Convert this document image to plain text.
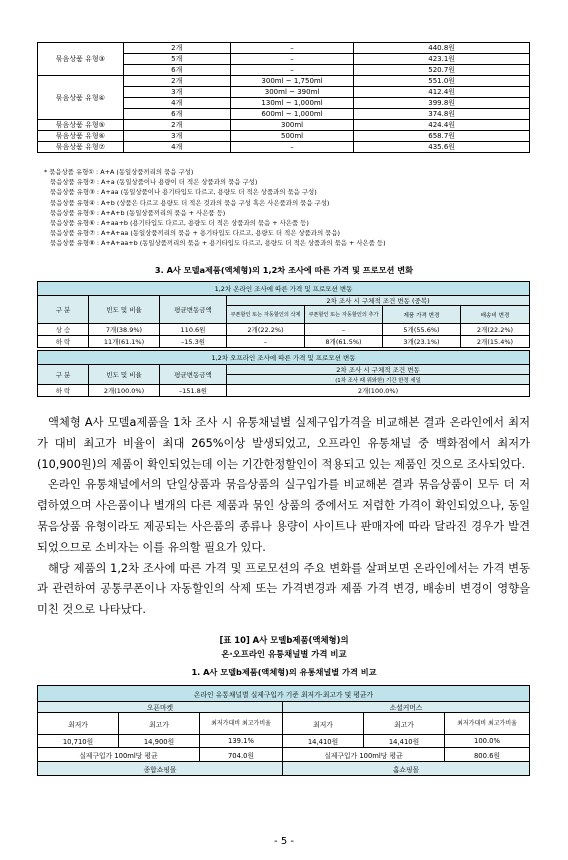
묶음상품 유형③	2개	–	440.8원
	5개	–	423.1원
	6개	–	520.7원
묶음상품 유형④	2개	300ml ~ 1,750ml	551.0원
	3개	300ml ~ 390ml	412.4원
	4개	130ml ~ 1,000ml	399.8원
	6개	600ml ~ 1,000ml	374.8원
묶음상품 유형⑤	2개	300ml	424.4원
묶음상품 유형⑥	3개	500ml	658.7원
묶음상품 유형⑦	4개	–	435.6원
* 묶음상품 유형① : A+A (동일상품끼리의 묶음 구성)
묶음상품 유형② : A+a (동일상품이나 용량이 더 적은 상품과의 묶음 구성)
묶음상품 유형③ : A+aa (동일상품이나 용기타입도 다르고, 용량도 더 적은 상품과의 묶음 구성)
묶음상품 유형④ : A+b (상품은 다르고 용량도 더 적은 것과의 묶음 구성 혹은 사은품과의 묶음 구성)
묶음상품 유형⑤ : A+A+b (동일상품끼리의 묶음 + 사은품 등)
묶음상품 유형⑥ : A+aa+b (용기타입도 다르고, 용량도 더 적은 상품과의 묶음 + 사은품 등)
묶음상품 유형⑦ : A+A+aa (동일상품끼리의 묶음 + 용기타입도 다르고, 용량도 더 적은 상품과의 묶음)
묶음상품 유형⑧ : A+A+aa+b (동일상품끼리의 묶음 + 용기타입도 다르고, 용량도 더 적은 상품과의 묶음 + 사은품 등)
3. A사 모델a제품(액체형)의 1,2차 조사에 따른 가격 및 프로모션 변화
1,2차 온라인 조사에 따른 가격 및 프로모션 변동						
구 분	빈도 및 비율	평균변동금액	2차 조사 시 구체적 조건 변동 (중복)			
			쿠폰할인 또는 자동할인의 삭제	쿠폰할인 또는 자동할인의 추가	제품 가격 변경	배송비 변경
상 승	7개(38.9%)	110.6원	2개(22.2%)	–	5개(55.6%)	2개(22.2%)
하 락	11개(61.1%)	–15.3원	–	8개(61.5%)	3개(23.1%)	2개(15.4%)
1,2차 오프라인 조사에 따른 가격 및 프로모션 변동			
구 분	빈도 및 비율	평균변동금액	2차 조사 시 구체적 조건 변동
			(1차 조사 때 위와한) 기간 한정 세일
하 락	2개(100.0%)	–151.8원	2개(100.0%)

액체형 A사 모델a제품을 1차 조사 시 유통채널별 실제구입가격을 비교해본 결과 온라인에서 최저가 대비 최고가 비율이 최대 265%이상 발생되었고, 오프라인 유통채널 중 백화점에서 최저가(10,900원)의 제품이 확인되었는데 이는 기간한정할인이 적용되고 있는 제품인 것으로 조사되었다.

온라인 유통채널에서의 단일상품과 묶음상품의 실구입가를 비교해본 결과 묶음상품이 모두 더 저렴하였으며 사은품이나 별개의 다른 제품과 묶인 상품의 중에서도 저렴한 가격이 확인되었으나, 동일 묶음상품 유형이라도 제공되는 사은품의 종류나 용량이 사이트나 판매자에 따라 달라진 경우가 발견되었으므로 소비자는 이를 유의할 필요가 있다.

해당 제품의 1,2차 조사에 따른 가격 및 프로모션의 주요 변화를 살펴보면 온라인에서는 가격 변동과 관련하여 공통쿠폰이나 자동할인의 삭제 또는 가격변경과 제품 가격 변경, 배송비 변경이 영향을 미친 것으로 나타났다.

[표 10] A사 모델b제품(액체형)의
온·오프라인 유통채널별 가격 비교
1. A사 모델b제품(액체형)의 유통채널별 가격 비교
온라인 유통채널별 실제구입가 기준 최저가·최고가 및 평균가					
오픈마켓			소셜커머스		
최저가	최고가	최저가대비 최고가비율	최저가	최고가	최저가대비 최고가비율
10,710원	14,900원	139.1%	14,410원	14,410원	100.0%
실제구입가 100ml당 평균		704.0원	실제구입가 100ml당 평균		800.6원
종합쇼핑몰			홈쇼핑몰		
- 5 -
